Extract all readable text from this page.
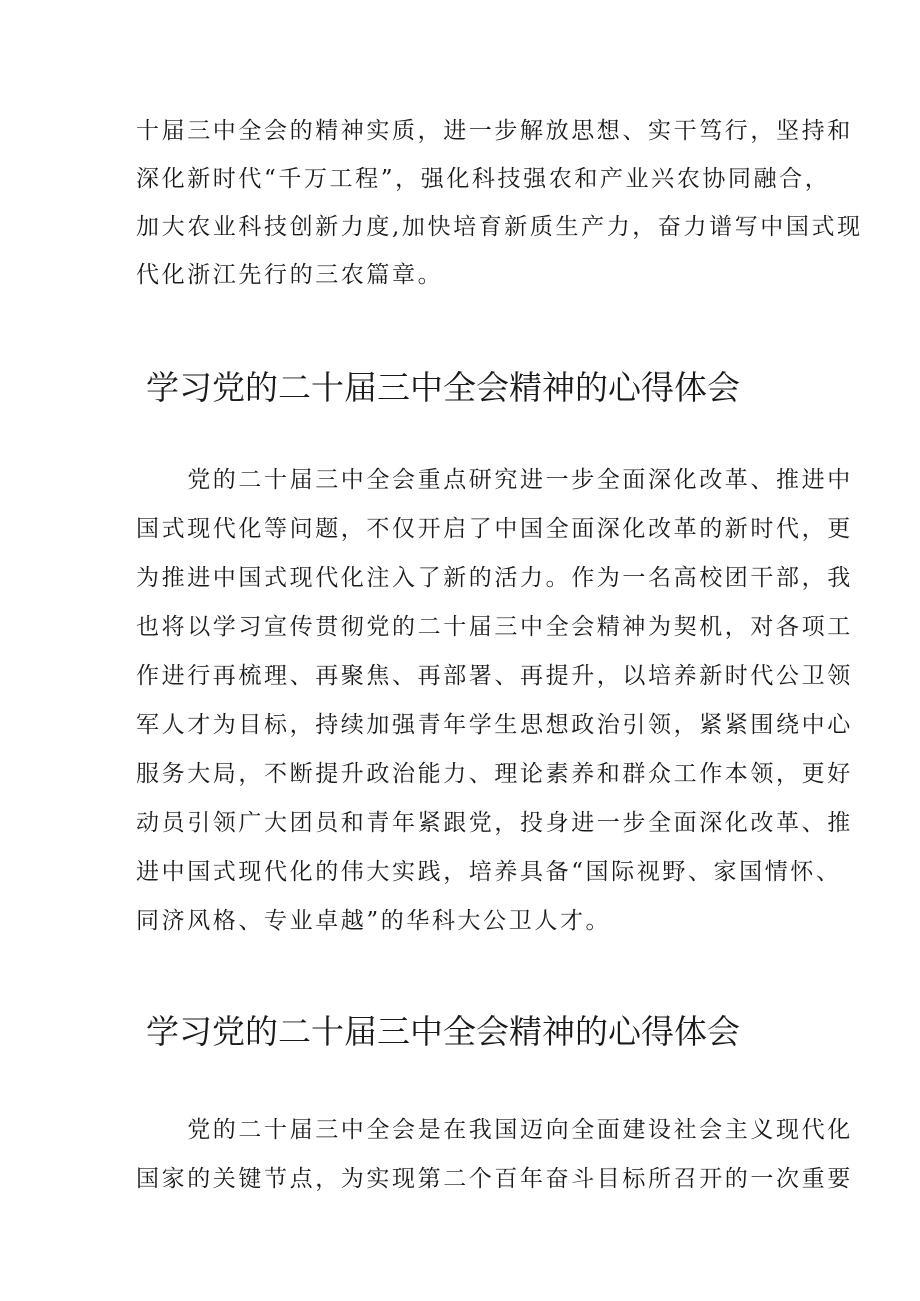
十届三中全会的精神实质，进一步解放思想、实干笃行，坚持和
深化新时代“千万工程”，强化科技强农和产业兴农协同融合，
加大农业科技创新力度,加快培育新质生产力，奋力谱写中国式现
代化浙江先行的三农篇章。
学习党的二十届三中全会精神的心得体会
　　党的二十届三中全会重点研究进一步全面深化改革、推进中
国式现代化等问题，不仅开启了中国全面深化改革的新时代，更
为推进中国式现代化注入了新的活力。作为一名高校团干部，我
也将以学习宣传贯彻党的二十届三中全会精神为契机，对各项工
作进行再梳理、再聚焦、再部署、再提升，以培养新时代公卫领
军人才为目标，持续加强青年学生思想政治引领，紧紧围绕中心
服务大局，不断提升政治能力、理论素养和群众工作本领，更好
动员引领广大团员和青年紧跟党，投身进一步全面深化改革、推
进中国式现代化的伟大实践，培养具备“国际视野、家国情怀、
同济风格、专业卓越”的华科大公卫人才。
学习党的二十届三中全会精神的心得体会
　　党的二十届三中全会是在我国迈向全面建设社会主义现代化
国家的关键节点，为实现第二个百年奋斗目标所召开的一次重要
